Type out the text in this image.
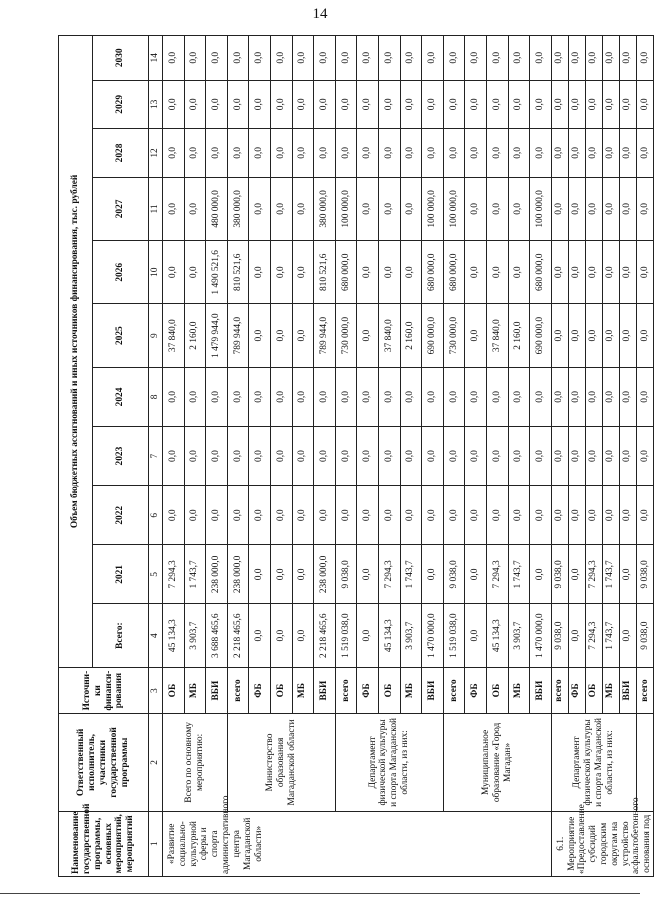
14
Наименование государственной программы, основных мероприятий, мероприятий	Ответственный исполнитель, участники государственной программы	Источни-ки финанси-рования	Объем бюджетных ассигнований и иных источников финансирования, тыс. рублей										
			Всего:	2021	2022	2023	2024	2025	2026	2027	2028	2029	2030
1	2	3	4	5	6	7	8	9	10	11	12	13	14
«Развитие социально-культурной сферы и спорта административного центра Магаданской области»	Всего по основному мероприятию:	ОБ	45 134,3	7 294,3	0,0	0,0	0,0	37 840,0	0,0	0,0	0,0	0,0	0,0
		МБ	3 903,7	1 743,7	0,0	0,0	0,0	2 160,0	0,0	0,0	0,0	0,0	0,0
		ВБИ	3 688 465,6	238 000,0	0,0	0,0	0,0	1 479 944,0	1 490 521,6	480 000,0	0,0	0,0	0,0
	Министерство образования Магаданской области	всего	2 218 465,6	238 000,0	0,0	0,0	0,0	789 944,0	810 521,6	380 000,0	0,0	0,0	0,0
		ФБ	0,0	0,0	0,0	0,0	0,0	0,0	0,0	0,0	0,0	0,0	0,0
		ОБ	0,0	0,0	0,0	0,0	0,0	0,0	0,0	0,0	0,0	0,0	0,0
		МБ	0,0	0,0	0,0	0,0	0,0	0,0	0,0	0,0	0,0	0,0	0,0
		ВБИ	2 218 465,6	238 000,0	0,0	0,0	0,0	789 944,0	810 521,6	380 000,0	0,0	0,0	0,0
	Департамент физической культуры и спорта Магаданской области, из них:	всего	1 519 038,0	9 038,0	0,0	0,0	0,0	730 000,0	680 000,0	100 000,0	0,0	0,0	0,0
		ФБ	0,0	0,0	0,0	0,0	0,0	0,0	0,0	0,0	0,0	0,0	0,0
		ОБ	45 134,3	7 294,3	0,0	0,0	0,0	37 840,0	0,0	0,0	0,0	0,0	0,0
		МБ	3 903,7	1 743,7	0,0	0,0	0,0	2 160,0	0,0	0,0	0,0	0,0	0,0
		ВБИ	1 470 000,0	0,0	0,0	0,0	0,0	690 000,0	680 000,0	100 000,0	0,0	0,0	0,0
	Муниципальное образование «Город Магадан»	всего	1 519 038,0	9 038,0	0,0	0,0	0,0	730 000,0	680 000,0	100 000,0	0,0	0,0	0,0
		ФБ	0,0	0,0	0,0	0,0	0,0	0,0	0,0	0,0	0,0	0,0	0,0
		ОБ	45 134,3	7 294,3	0,0	0,0	0,0	37 840,0	0,0	0,0	0,0	0,0	0,0
		МБ	3 903,7	1 743,7	0,0	0,0	0,0	2 160,0	0,0	0,0	0,0	0,0	0,0
		ВБИ	1 470 000,0	0,0	0,0	0,0	0,0	690 000,0	680 000,0	100 000,0	0,0	0,0	0,0
6.1. Мероприятие «Предоставление субсидий городским округам на устройство асфальтобетонного основания под	Департамент физической культуры и спорта Магаданской области, из них:	всего	9 038,0	9 038,0	0,0	0,0	0,0	0,0	0,0	0,0	0,0	0,0	0,0
		ФБ	0,0	0,0	0,0	0,0	0,0	0,0	0,0	0,0	0,0	0,0	0,0
		ОБ	7 294,3	7 294,3	0,0	0,0	0,0	0,0	0,0	0,0	0,0	0,0	0,0
		МБ	1 743,7	1 743,7	0,0	0,0	0,0	0,0	0,0	0,0	0,0	0,0	0,0
		ВБИ	0,0	0,0	0,0	0,0	0,0	0,0	0,0	0,0	0,0	0,0	0,0
		всего	9 038,0	9 038,0	0,0	0,0	0,0	0,0	0,0	0,0	0,0	0,0	0,0
